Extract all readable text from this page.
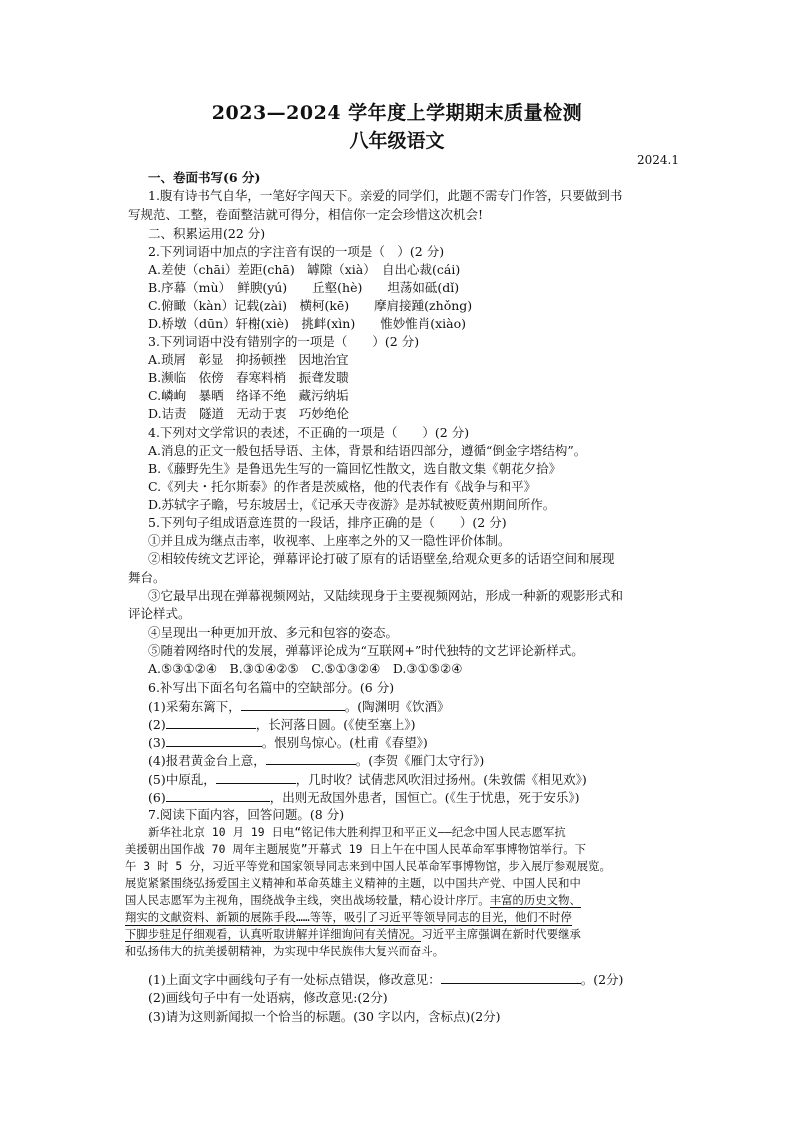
2023—2024 学年度上学期期末质量检测
八年级语文
2024.1
一、卷面书写(6 分)
1.腹有诗书气自华，一笔好字闯天下。亲爱的同学们，此题不需专门作答，只要做到书
写规范、工整，卷面整洁就可得分，相信你一定会珍惜这次机会!
二、积累运用(22 分)
2.下列词语中加点的字注音有误的一项是（　）(2 分)
A.差使（chāi）差距(chā)　罅隙（xià）　自出心裁(cái)
B.序幕（mù）　鲜腴(yú)　　丘壑(hè)　　坦荡如砥(dǐ)
C.俯瞰（kàn）记载(zài)　横柯(kē)　　摩肩接踵(zhǒng)
D.桥墩（dūn）轩榭(xiè)　挑衅(xìn)　　惟妙惟肖(xiào)
3.下列词语中没有错别字的一项是（　　）(2 分)
A.琐屑　彰显　抑扬顿挫　因地治宜
B.濒临　依傍　春寒料梢　振聋发聩
C.嶙峋　暴晒　络译不绝　藏污纳垢
D.诘责　隧道　无动于衷　巧妙绝伦
4.下列对文学常识的表述，不正确的一项是（　　）(2 分)
A.消息的正文一般包括导语、主体，背景和结语四部分，遵循“倒金字塔结构”。
B.《藤野先生》是鲁迅先生写的一篇回忆性散文，选自散文集《朝花夕拾》
C.《列夫・托尔斯泰》的作者是茨威格，他的代表作有《战争与和平》
D.苏轼字子瞻，号东坡居士，《记承天寺夜游》是苏轼被贬黄州期间所作。
5.下列句子组成语意连贯的一段话，排序正确的是（　　）(2 分)
①并且成为继点击率，收视率、上座率之外的又一隐性评价体制。
②相较传统文艺评论，弹幕评论打破了原有的话语壁垒,给观众更多的话语空间和展现
舞台。
③它最早出现在弹幕视频网站，又陆续现身于主要视频网站，形成一种新的观影形式和
评论样式。
④呈现出一种更加开放、多元和包容的姿态。
⑤随着网络时代的发展，弹幕评论成为“互联网+”时代独特的文艺评论新样式。
A.⑤③①②④　B.③①④②⑤　C.⑤①③②④　D.③①⑤②④
6.补写出下面名句名篇中的空缺部分。(6 分)
(1)采菊东篱下，	。(陶渊明《饮酒》
(2)	，长河落日圆。(《使至塞上》)
(3)	。恨别鸟惊心。(杜甫《春望》)
(4)报君黄金台上意，	。(李贺《雁门太守行》)
(5)中原乱，	，几时收？试倩悲风吹泪过扬州。(朱敦儒《相见欢》)
(6)	，出则无敌国外患者，国恒亡。(《生于忧患，死于安乐》)
7.阅读下面内容，回答问题。(8 分)
新华社北京 10 月 19 日电“铭记伟大胜利捍卫和平正义——纪念中国人民志愿军抗
美援朝出国作战 70 周年主题展览”开幕式 19 日上午在中国人民革命军事博物馆举行。下
午 3 时 5 分，习近平等党和国家领导同志来到中国人民革命军事博物馆，步入展厅参观展览。
展览紧紧围绕弘扬爱国主义精神和革命英雄主义精神的主题，以中国共产党、中国人民和中
国人民志愿军为主视角，围绕战争主线，突出战场较量，精心设计序厅。丰富的历史文物、
翔实的文献资料、新颖的展陈手段……等等，吸引了习近平等领导同志的目光，他们不时停
下脚步驻足仔细观看，认真听取讲解并详细询问有关情况。习近平主席强调在新时代要继承
和弘扬伟大的抗美援朝精神，为实现中华民族伟大复兴而奋斗。
(1)上面文字中画线句子有一处标点错误，修改意见：	。(2分)
(2)画线句子中有一处语病，修改意见:(2分)
(3)请为这则新闻拟一个恰当的标题。(30 字以内，含标点)(2分)
